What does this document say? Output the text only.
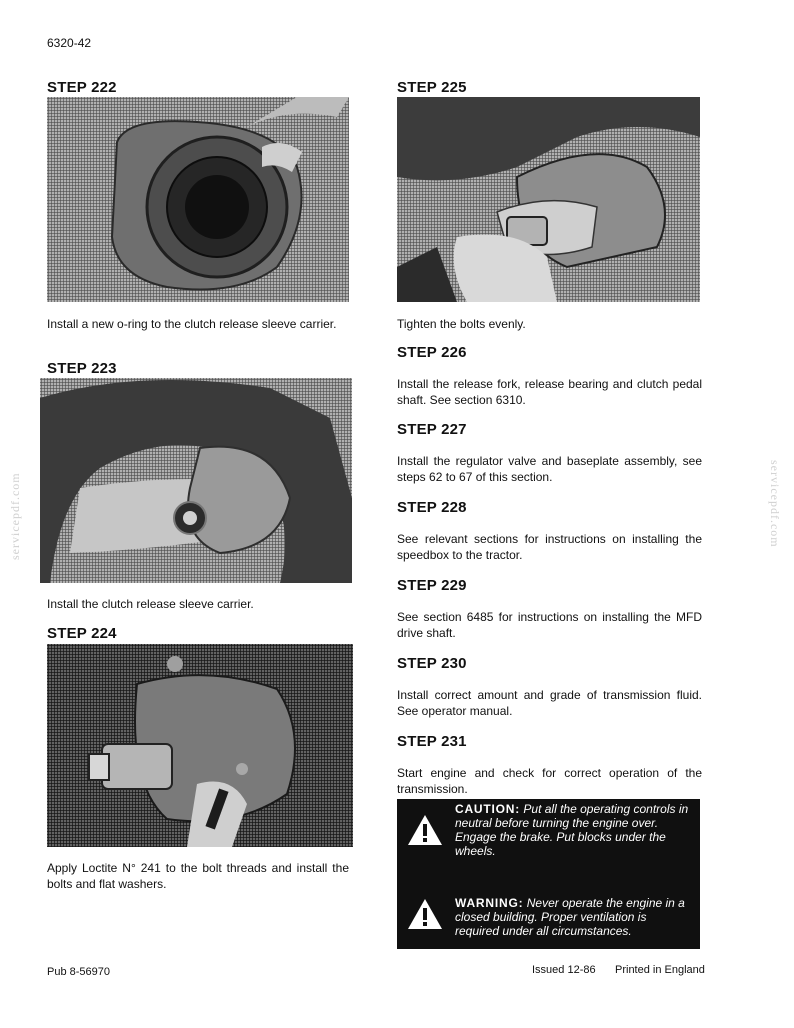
6320-42
STEP 222
Install a new o-ring to the clutch release sleeve carrier.
STEP 223
Install the clutch release sleeve carrier.
STEP 224
Apply Loctite N° 241 to the bolt threads and install the bolts and flat washers.
STEP 225
Tighten the bolts evenly.
STEP 226
Install the release fork, release bearing and clutch pedal shaft. See section 6310.
STEP 227
Install the regulator valve and baseplate assembly, see steps 62 to 67 of this section.
STEP 228
See relevant sections for instructions on installing the speedbox to the tractor.
STEP 229
See section 6485 for instructions on installing the MFD drive shaft.
STEP 230
Install correct amount and grade of transmission fluid. See operator manual.
STEP 231
Start engine and check for correct operation of the transmission.
CAUTION: Put all the operating controls in neutral before turning the engine over. Engage the brake. Put blocks under the wheels.
WARNING: Never operate the engine in a closed building. Proper ventilation is required under all circumstances.
servicepdf.com	servicepdf.com
Pub 8-56970	Issued 12-86 Printed in England
